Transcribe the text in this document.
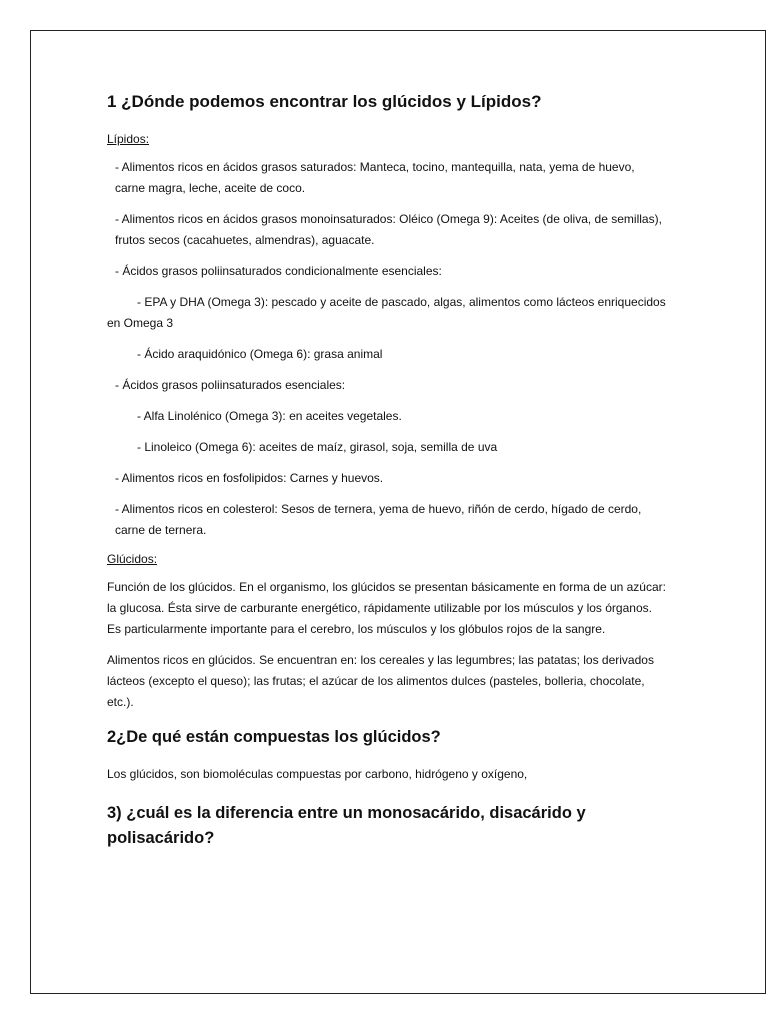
1 ¿Dónde podemos encontrar los glúcidos y Lípidos?
Lípidos:

- Alimentos ricos en ácidos grasos saturados: Manteca, tocino, mantequilla, nata, yema de huevo, carne magra, leche, aceite de coco.

- Alimentos ricos en ácidos grasos monoinsaturados: Oléico (Omega 9): Aceites (de oliva, de semillas), frutos secos (cacahuetes, almendras), aguacate.

- Ácidos grasos poliinsaturados condicionalmente esenciales:

- EPA y DHA (Omega 3): pescado y aceite de pascado, algas, alimentos como lácteos enriquecidos en Omega 3

- Ácido araquidónico (Omega 6): grasa animal

- Ácidos grasos poliinsaturados esenciales:

- Alfa Linolénico (Omega 3): en aceites vegetales.

- Linoleico (Omega 6): aceites de maíz, girasol, soja, semilla de uva

- Alimentos ricos en fosfolipidos: Carnes y huevos.

- Alimentos ricos en colesterol: Sesos de ternera, yema de huevo, riñón de cerdo, hígado de cerdo, carne de ternera.

Glúcidos:

Función de los glúcidos. En el organismo, los glúcidos se presentan básicamente en forma de un azúcar: la glucosa. Ésta sirve de carburante energético, rápidamente utilizable por los músculos y los órganos. Es particularmente importante para el cerebro, los músculos y los glóbulos rojos de la sangre.

Alimentos ricos en glúcidos. Se encuentran en: los cereales y las legumbres; las patatas; los derivados lácteos (excepto el queso); las frutas; el azúcar de los alimentos dulces (pasteles, bolleria, chocolate, etc.).

2¿De qué están compuestas los glúcidos?

Los glúcidos, son biomoléculas compuestas por carbono, hidrógeno y oxígeno,

3) ¿cuál es la diferencia entre un monosacárido, disacárido y polisacárido?
